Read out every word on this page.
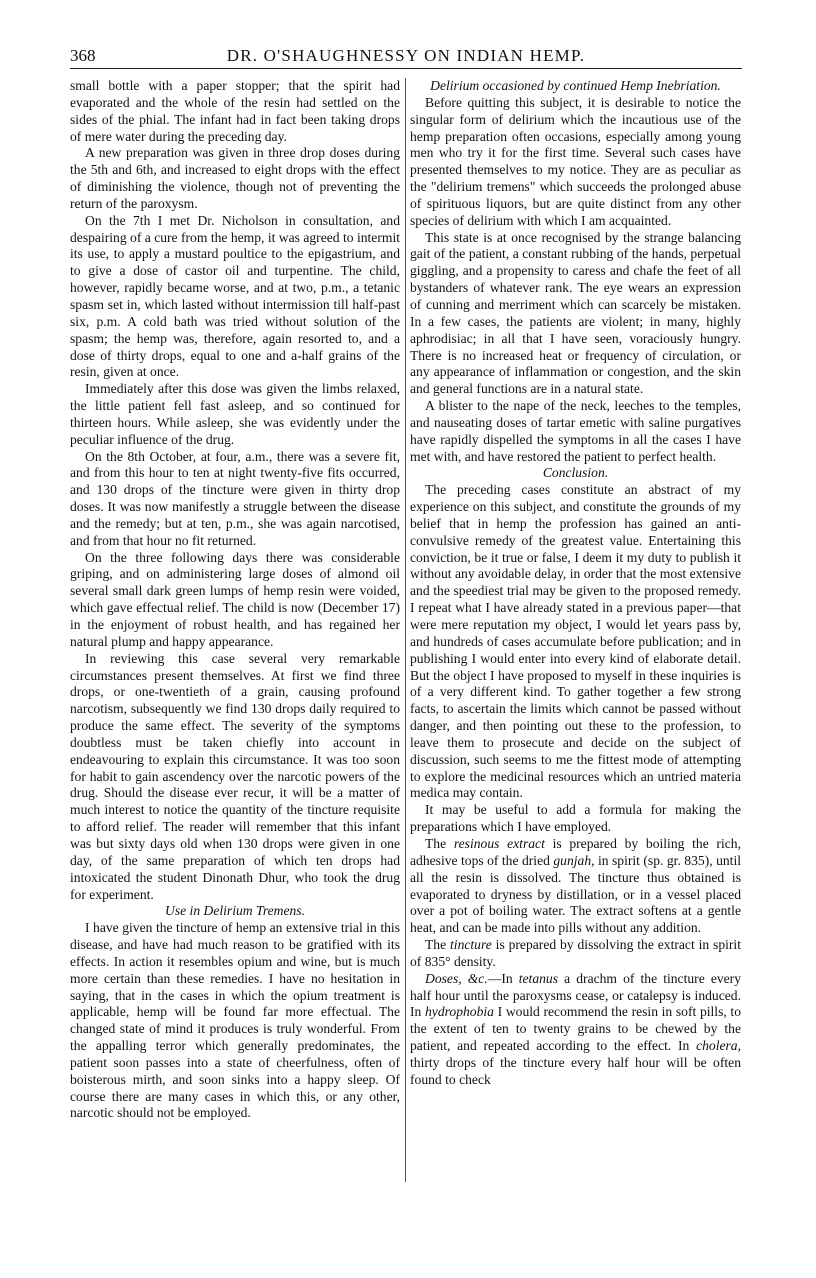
368	DR. O'SHAUGHNESSY ON INDIAN HEMP.

small bottle with a paper stopper; that the spirit had evaporated and the whole of the resin had settled on the sides of the phial. The infant had in fact been taking drops of mere water during the preceding day.

A new preparation was given in three drop doses during the 5th and 6th, and increased to eight drops with the effect of diminishing the violence, though not of preventing the return of the paroxysm.

On the 7th I met Dr. Nicholson in consultation, and despairing of a cure from the hemp, it was agreed to intermit its use, to apply a mustard poultice to the epigastrium, and to give a dose of castor oil and turpentine. The child, however, rapidly became worse, and at two, p.m., a tetanic spasm set in, which lasted without intermission till half-past six, p.m. A cold bath was tried without solution of the spasm; the hemp was, therefore, again resorted to, and a dose of thirty drops, equal to one and a-half grains of the resin, given at once.

Immediately after this dose was given the limbs relaxed, the little patient fell fast asleep, and so continued for thirteen hours. While asleep, she was evidently under the peculiar influence of the drug.

On the 8th October, at four, a.m., there was a severe fit, and from this hour to ten at night twenty-five fits occurred, and 130 drops of the tincture were given in thirty drop doses. It was now manifestly a struggle between the disease and the remedy; but at ten, p.m., she was again narcotised, and from that hour no fit returned.

On the three following days there was considerable griping, and on administering large doses of almond oil several small dark green lumps of hemp resin were voided, which gave effectual relief. The child is now (December 17) in the enjoyment of robust health, and has regained her natural plump and happy appearance.

In reviewing this case several very remarkable circumstances present themselves. At first we find three drops, or one-twentieth of a grain, causing profound narcotism, subsequently we find 130 drops daily required to produce the same effect. The severity of the symptoms doubtless must be taken chiefly into account in endeavouring to explain this circumstance. It was too soon for habit to gain ascendency over the narcotic powers of the drug. Should the disease ever recur, it will be a matter of much interest to notice the quantity of the tincture requisite to afford relief. The reader will remember that this infant was but sixty days old when 130 drops were given in one day, of the same preparation of which ten drops had intoxicated the student Dinonath Dhur, who took the drug for experiment.

Use in Delirium Tremens.

I have given the tincture of hemp an extensive trial in this disease, and have had much reason to be gratified with its effects. In action it resembles opium and wine, but is much more certain than these remedies. I have no hesitation in saying, that in the cases in which the opium treatment is applicable, hemp will be found far more effectual. The changed state of mind it produces is truly wonderful. From the appalling terror which generally predominates, the patient soon passes into a state of cheerfulness, often of boisterous mirth, and soon sinks into a happy sleep. Of course there are many cases in which this, or any other, narcotic should not be employed.

Delirium occasioned by continued Hemp Inebriation.

Before quitting this subject, it is desirable to notice the singular form of delirium which the incautious use of the hemp preparation often occasions, especially among young men who try it for the first time. Several such cases have presented themselves to my notice. They are as peculiar as the "delirium tremens" which succeeds the prolonged abuse of spirituous liquors, but are quite distinct from any other species of delirium with which I am acquainted.

This state is at once recognised by the strange balancing gait of the patient, a constant rubbing of the hands, perpetual giggling, and a propensity to caress and chafe the feet of all bystanders of whatever rank. The eye wears an expression of cunning and merriment which can scarcely be mistaken. In a few cases, the patients are violent; in many, highly aphrodisiac; in all that I have seen, voraciously hungry. There is no increased heat or frequency of circulation, or any appearance of inflammation or congestion, and the skin and general functions are in a natural state.

A blister to the nape of the neck, leeches to the temples, and nauseating doses of tartar emetic with saline purgatives have rapidly dispelled the symptoms in all the cases I have met with, and have restored the patient to perfect health.

Conclusion.

The preceding cases constitute an abstract of my experience on this subject, and constitute the grounds of my belief that in hemp the profession has gained an anti-convulsive remedy of the greatest value. Entertaining this conviction, be it true or false, I deem it my duty to publish it without any avoidable delay, in order that the most extensive and the speediest trial may be given to the proposed remedy. I repeat what I have already stated in a previous paper—that were mere reputation my object, I would let years pass by, and hundreds of cases accumulate before publication; and in publishing I would enter into every kind of elaborate detail. But the object I have proposed to myself in these inquiries is of a very different kind. To gather together a few strong facts, to ascertain the limits which cannot be passed without danger, and then pointing out these to the profession, to leave them to prosecute and decide on the subject of discussion, such seems to me the fittest mode of attempting to explore the medicinal resources which an untried materia medica may contain.

It may be useful to add a formula for making the preparations which I have employed.

The resinous extract is prepared by boiling the rich, adhesive tops of the dried gunjah, in spirit (sp. gr. 835), until all the resin is dissolved. The tincture thus obtained is evaporated to dryness by distillation, or in a vessel placed over a pot of boiling water. The extract softens at a gentle heat, and can be made into pills without any addition.

The tincture is prepared by dissolving the extract in spirit of 835° density.

Doses, &c.—In tetanus a drachm of the tincture every half hour until the paroxysms cease, or catalepsy is induced. In hydrophobia I would recommend the resin in soft pills, to the extent of ten to twenty grains to be chewed by the patient, and repeated according to the effect. In cholera, thirty drops of the tincture every half hour will be often found to check
